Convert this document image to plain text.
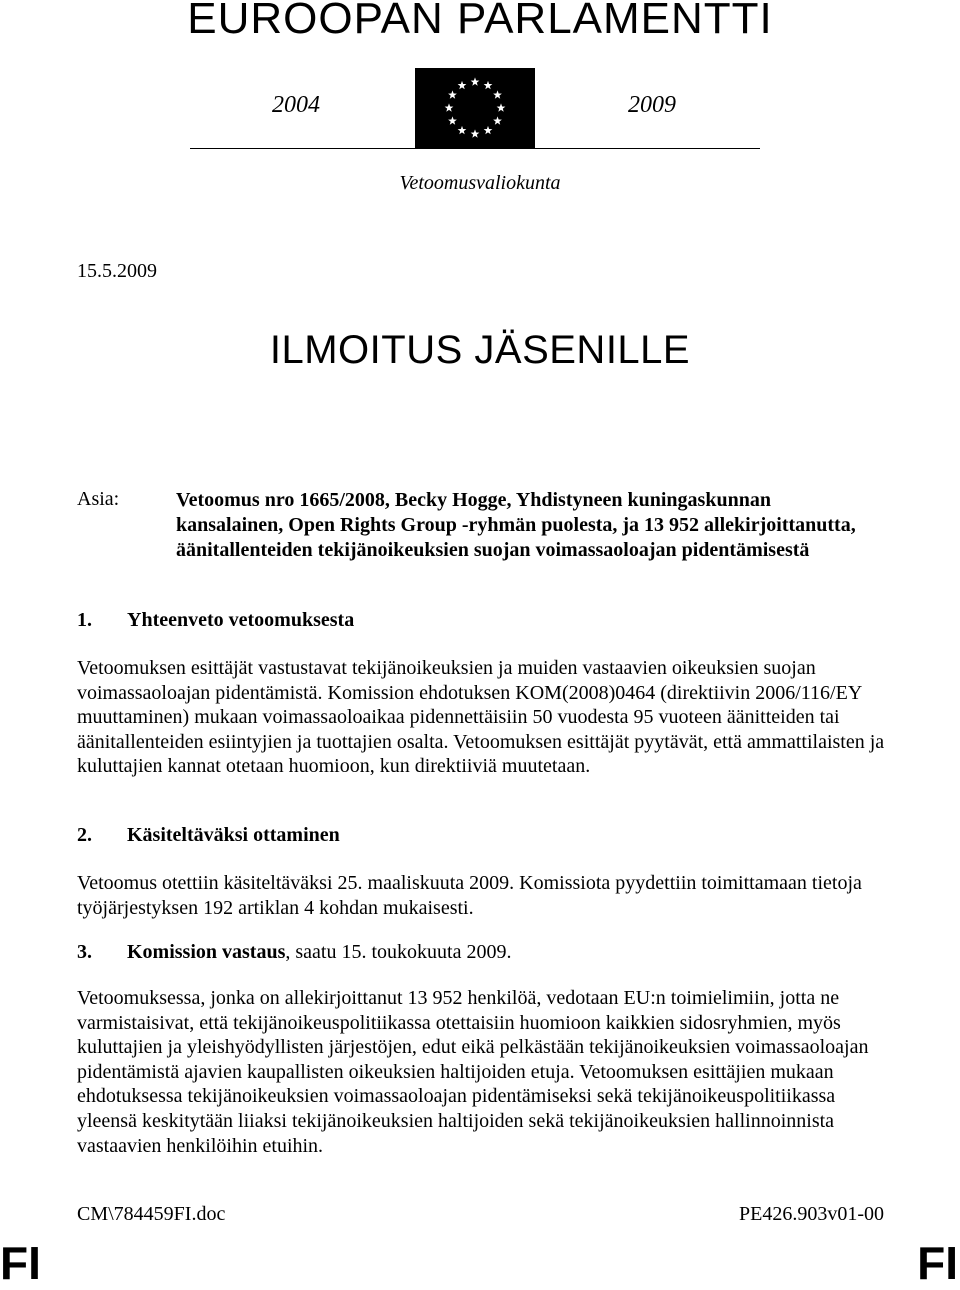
EUROOPAN PARLAMENTTI
2004	2009
Vetoomusvaliokunta
15.5.2009
ILMOITUS JÄSENILLE
Asia:	Vetoomus nro 1665/2008, Becky Hogge, Yhdistyneen kuningaskunnan kansalainen, Open Rights Group -ryhmän puolesta, ja 13 952 allekirjoittanutta, äänitallenteiden tekijänoikeuksien suojan voimassaoloajan pidentämisestä
1. Yhteenveto vetoomuksesta
Vetoomuksen esittäjät vastustavat tekijänoikeuksien ja muiden vastaavien oikeuksien suojan voimassaoloajan pidentämistä. Komission ehdotuksen KOM(2008)0464 (direktiivin 2006/116/EY muuttaminen) mukaan voimassaoloaikaa pidennettäisiin 50 vuodesta 95 vuoteen äänitteiden tai äänitallenteiden esiintyjien ja tuottajien osalta. Vetoomuksen esittäjät pyytävät, että ammattilaisten ja kuluttajien kannat otetaan huomioon, kun direktiiviä muutetaan.
2. Käsiteltäväksi ottaminen
Vetoomus otettiin käsiteltäväksi 25. maaliskuuta 2009. Komissiota pyydettiin toimittamaan tietoja työjärjestyksen 192 artiklan 4 kohdan mukaisesti.
3. Komission vastaus, saatu 15. toukokuuta 2009.
Vetoomuksessa, jonka on allekirjoittanut 13 952 henkilöä, vedotaan EU:n toimielimiin, jotta ne varmistaisivat, että tekijänoikeuspolitiikassa otettaisiin huomioon kaikkien sidosryhmien, myös kuluttajien ja yleishyödyllisten järjestöjen, edut eikä pelkästään tekijänoikeuksien voimassaoloajan pidentämistä ajavien kaupallisten oikeuksien haltijoiden etuja. Vetoomuksen esittäjien mukaan ehdotuksessa tekijänoikeuksien voimassaoloajan pidentämiseksi sekä tekijänoikeuspolitiikassa yleensä keskitytään liiaksi tekijänoikeuksien haltijoiden sekä tekijänoikeuksien hallinnoinnista vastaavien henkilöihin etuihin.
CM\784459FI.doc	PE426.903v01-00
FI	FI
